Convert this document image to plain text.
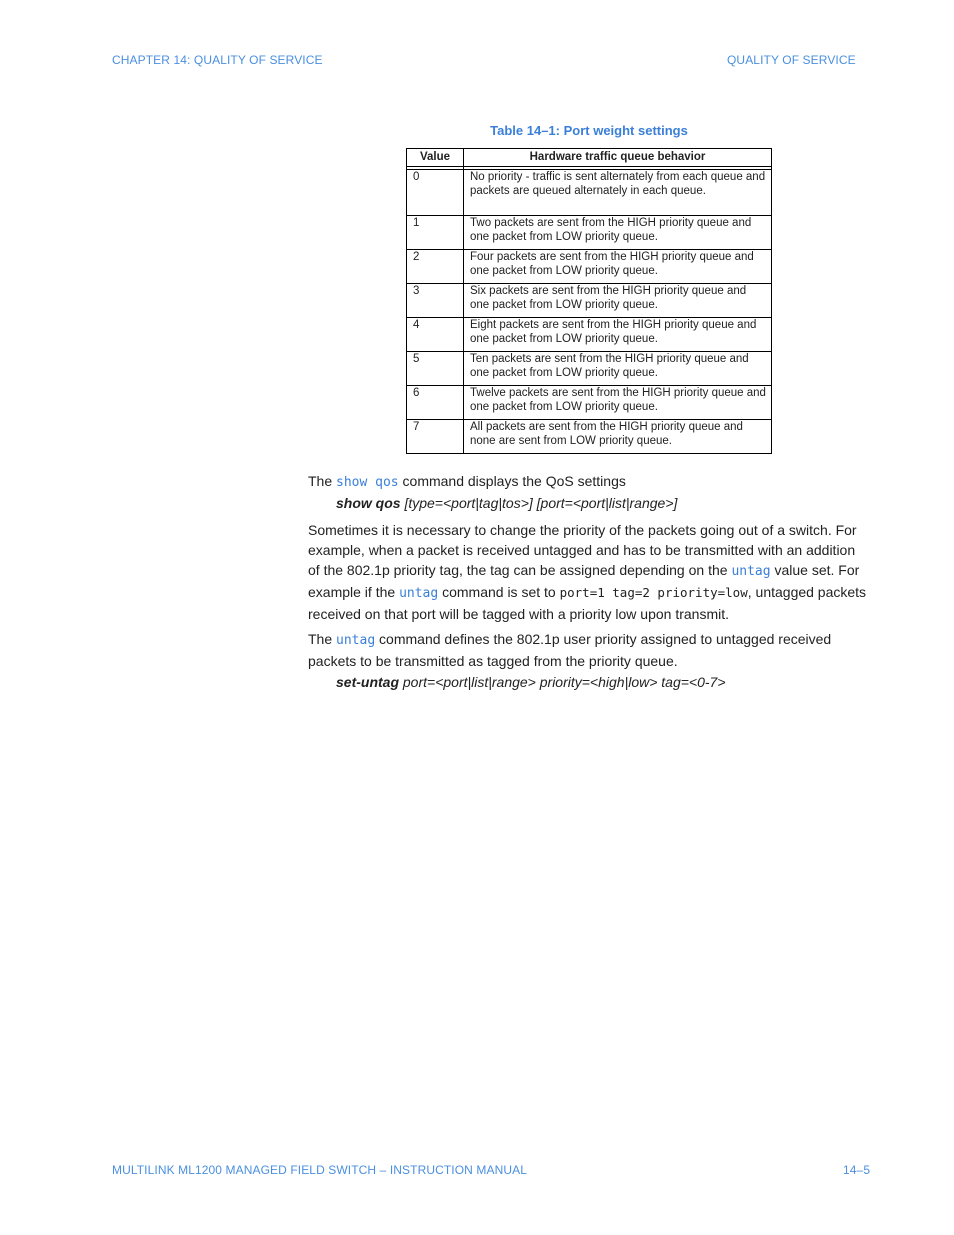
CHAPTER 14: QUALITY OF SERVICE	QUALITY OF SERVICE
Table 14–1: Port weight settings
Value	Hardware traffic queue behavior

0	No priority - traffic is sent alternately from each queue and packets are queued alternately in each queue.
1	Two packets are sent from the HIGH priority queue and one packet from LOW priority queue.
2	Four packets are sent from the HIGH priority queue and one packet from LOW priority queue.
3	Six packets are sent from the HIGH priority queue and one packet from LOW priority queue.
4	Eight packets are sent from the HIGH priority queue and one packet from LOW priority queue.
5	Ten packets are sent from the HIGH priority queue and one packet from LOW priority queue.
6	Twelve packets are sent from the HIGH priority queue and one packet from LOW priority queue.
7	All packets are sent from the HIGH priority queue and none are sent from LOW priority queue.
The show qos command displays the QoS settings
show qos [type=<port|tag|tos>] [port=<port|list|range>]
Sometimes it is necessary to change the priority of the packets going out of a switch. For example, when a packet is received untagged and has to be transmitted with an addition of the 802.1p priority tag, the tag can be assigned depending on the untag value set. For example if the untag command is set to port=1 tag=2 priority=low, untagged packets received on that port will be tagged with a priority low upon transmit.
The untag command defines the 802.1p user priority assigned to untagged received packets to be transmitted as tagged from the priority queue.
set-untag port=<port|list|range> priority=<high|low> tag=<0-7>
MULTILINK ML1200 MANAGED FIELD SWITCH – INSTRUCTION MANUAL	14–5
